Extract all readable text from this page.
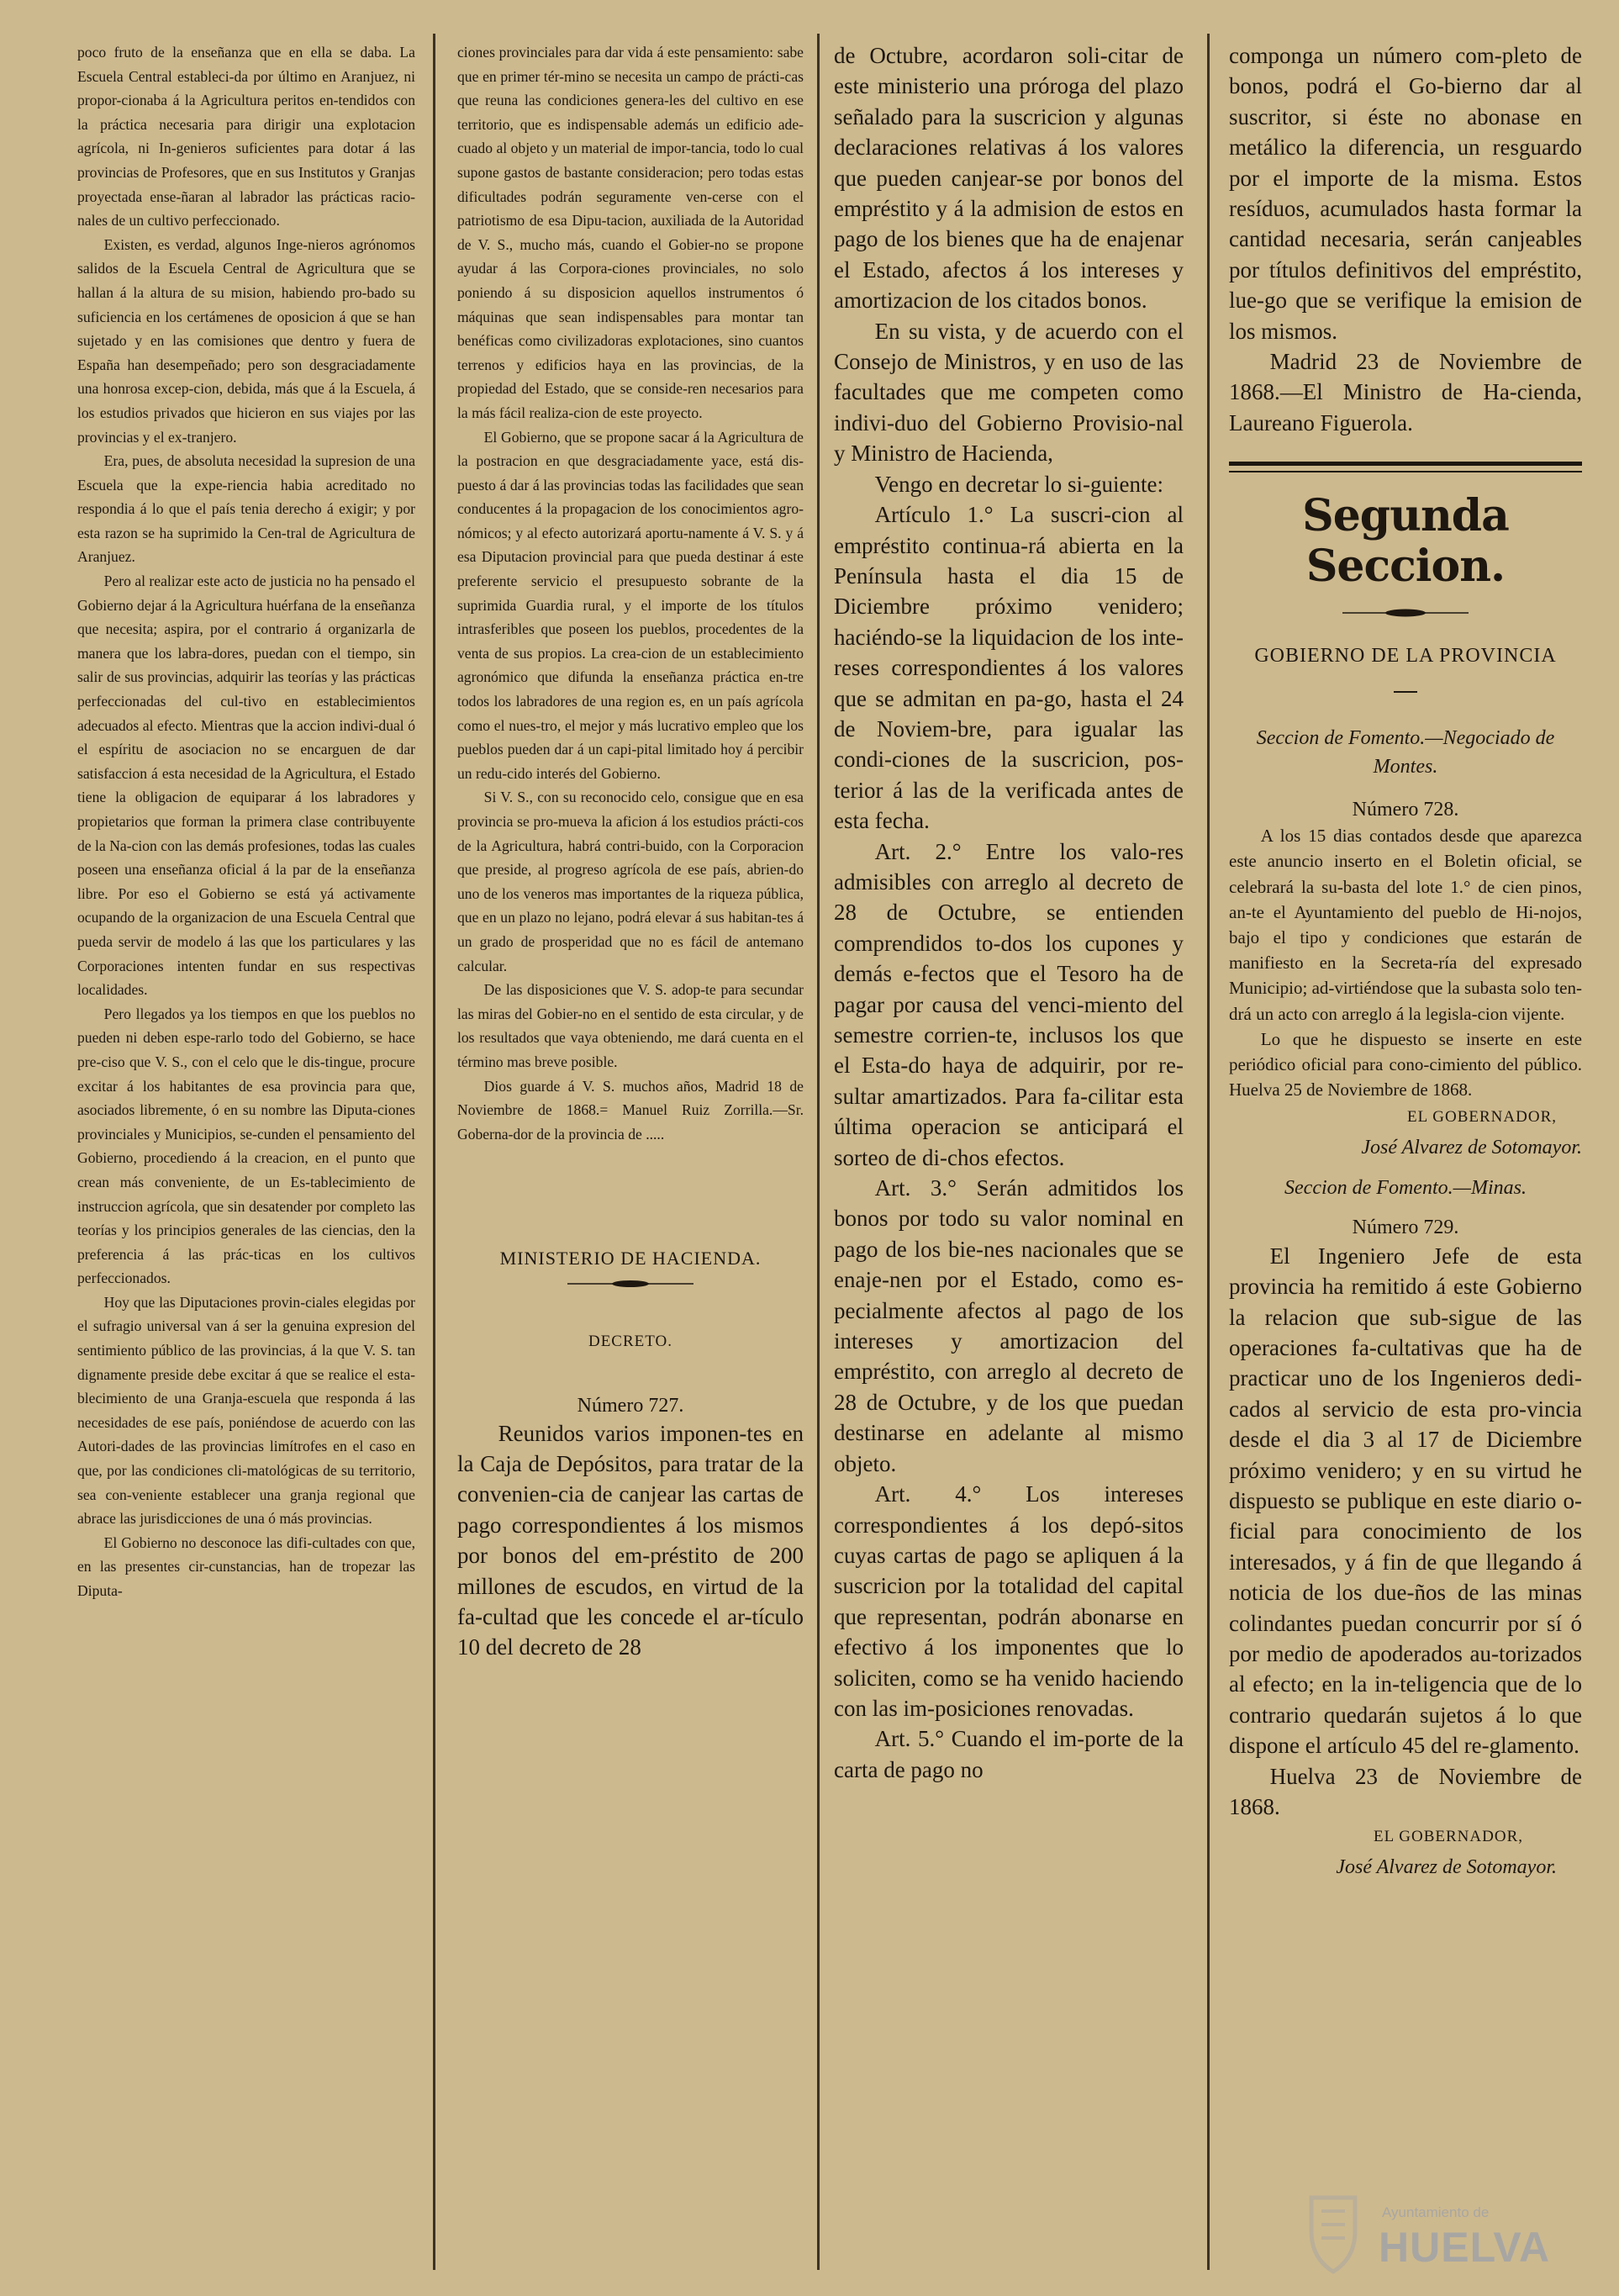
poco fruto de la enseñanza que en ella se daba. La Escuela Central estableci-da por último en Aranjuez, ni propor-cionaba á la Agricultura peritos en-tendidos con la práctica necesaria para dirigir una explotacion agrícola, ni In-genieros suficientes para dotar á las provincias de Profesores, que en sus Institutos y Granjas proyectada ense-ñaran al labrador las prácticas racio-nales de un cultivo perfeccionado.

Existen, es verdad, algunos Inge-nieros agrónomos salidos de la Escuela Central de Agricultura que se hallan á la altura de su mision, habiendo pro-bado su suficiencia en los certámenes de oposicion á que se han sujetado y en las comisiones que dentro y fuera de España han desempeñado; pero son desgraciadamente una honrosa excep-cion, debida, más que á la Escuela, á los estudios privados que hicieron en sus viajes por las provincias y el ex-tranjero.

Era, pues, de absoluta necesidad la supresion de una Escuela que la expe-riencia habia acreditado no respondia á lo que el país tenia derecho á exigir; y por esta razon se ha suprimido la Cen-tral de Agricultura de Aranjuez.

Pero al realizar este acto de justicia no ha pensado el Gobierno dejar á la Agricultura huérfana de la enseñanza que necesita; aspira, por el contrario á organizarla de manera que los labra-dores, puedan con el tiempo, sin salir de sus provincias, adquirir las teorías y las prácticas perfeccionadas del cul-tivo en establecimientos adecuados al efecto. Mientras que la accion indivi-dual ó el espíritu de asociacion no se encarguen de dar satisfaccion á esta necesidad de la Agricultura, el Estado tiene la obligacion de equiparar á los labradores y propietarios que forman la primera clase contribuyente de la Na-cion con las demás profesiones, todas las cuales poseen una enseñanza oficial á la par de la enseñanza libre. Por eso el Gobierno se está yá activamente ocupando de la organizacion de una Escuela Central que pueda servir de modelo á las que los particulares y las Corporaciones intenten fundar en sus respectivas localidades.

Pero llegados ya los tiempos en que los pueblos no pueden ni deben espe-rarlo todo del Gobierno, se hace pre-ciso que V. S., con el celo que le dis-tingue, procure excitar á los habitantes de esa provincia para que, asociados libremente, ó en su nombre las Diputa-ciones provinciales y Municipios, se-cunden el pensamiento del Gobierno, procediendo á la creacion, en el punto que crean más conveniente, de un Es-tablecimiento de instruccion agrícola, que sin desatender por completo las teorías y los principios generales de las ciencias, den la preferencia á las prác-ticas en los cultivos perfeccionados.

Hoy que las Diputaciones provin-ciales elegidas por el sufragio universal van á ser la genuina expresion del sentimiento público de las provincias, á la que V. S. tan dignamente preside debe excitar á que se realice el esta-blecimiento de una Granja-escuela que responda á las necesidades de ese país, poniéndose de acuerdo con las Autori-dades de las provincias limítrofes en el caso en que, por las condiciones cli-matológicas de su territorio, sea con-veniente establecer una granja regional que abrace las jurisdicciones de una ó más provincias.

El Gobierno no desconoce las difi-cultades con que, en las presentes cir-cunstancias, han de tropezar las Diputa-

ciones provinciales para dar vida á este pensamiento: sabe que en primer tér-mino se necesita un campo de prácti-cas que reuna las condiciones genera-les del cultivo en ese territorio, que es indispensable además un edificio ade-cuado al objeto y un material de impor-tancia, todo lo cual supone gastos de bastante consideracion; pero todas estas dificultades podrán seguramente ven-cerse con el patriotismo de esa Dipu-tacion, auxiliada de la Autoridad de V. S., mucho más, cuando el Gobier-no se propone ayudar á las Corpora-ciones provinciales, no solo poniendo á su disposicion aquellos instrumentos ó máquinas que sean indispensables para montar tan benéficas como civilizadoras explotaciones, sino cuantos terrenos y edificios haya en las provincias, de la propiedad del Estado, que se conside-ren necesarios para la más fácil realiza-cion de este proyecto.

El Gobierno, que se propone sacar á la Agricultura de la postracion en que desgraciadamente yace, está dis-puesto á dar á las provincias todas las facilidades que sean conducentes á la propagacion de los conocimientos agro-nómicos; y al efecto autorizará aportu-namente á V. S. y á esa Diputacion provincial para que pueda destinar á este preferente servicio el presupuesto sobrante de la suprimida Guardia rural, y el importe de los títulos intrasferibles que poseen los pueblos, procedentes de la venta de sus propios. La crea-cion de un establecimiento agronómico que difunda la enseñanza práctica en-tre todos los labradores de una region es, en un país agrícola como el nues-tro, el mejor y más lucrativo empleo que los pueblos pueden dar á un capi-pital limitado hoy á percibir un redu-cido interés del Gobierno.

Si V. S., con su reconocido celo, consigue que en esa provincia se pro-mueva la aficion á los estudios prácti-cos de la Agricultura, habrá contri-buido, con la Corporacion que preside, al progreso agrícola de ese país, abrien-do uno de los veneros mas importantes de la riqueza pública, que en un plazo no lejano, podrá elevar á sus habitan-tes á un grado de prosperidad que no es fácil de antemano calcular.

De las disposiciones que V. S. adop-te para secundar las miras del Gobier-no en el sentido de esta circular, y de los resultados que vaya obteniendo, me dará cuenta en el término mas breve posible.

Dios guarde á V. S. muchos años, Madrid 18 de Noviembre de 1868.= Manuel Ruiz Zorrilla.—Sr. Goberna-dor de la provincia de .....

MINISTERIO DE HACIENDA.

DECRETO.

Número 727.

Reunidos varios imponen-tes en la Caja de Depósitos, para tratar de la convenien-cia de canjear las cartas de pago correspondientes á los mismos por bonos del em-préstito de 200 millones de escudos, en virtud de la fa-cultad que les concede el ar-tículo 10 del decreto de 28

de Octubre, acordaron soli-citar de este ministerio una próroga del plazo señalado para la suscricion y algunas declaraciones relativas á los valores que pueden canjear-se por bonos del empréstito y á la admision de estos en pago de los bienes que ha de enajenar el Estado, afectos á los intereses y amortizacion de los citados bonos.

En su vista, y de acuerdo con el Consejo de Ministros, y en uso de las facultades que me competen como indivi-duo del Gobierno Provisio-nal y Ministro de Hacienda,

Vengo en decretar lo si-guiente:

Artículo 1.° La suscri-cion al empréstito continua-rá abierta en la Península hasta el dia 15 de Diciembre próximo venidero; haciéndo-se la liquidacion de los inte-reses correspondientes á los valores que se admitan en pa-go, hasta el 24 de Noviem-bre, para igualar las condi-ciones de la suscricion, pos-terior á las de la verificada antes de esta fecha.

Art. 2.° Entre los valo-res admisibles con arreglo al decreto de 28 de Octubre, se entienden comprendidos to-dos los cupones y demás e-fectos que el Tesoro ha de pagar por causa del venci-miento del semestre corrien-te, inclusos los que el Esta-do haya de adquirir, por re-sultar amartizados. Para fa-cilitar esta última operacion se anticipará el sorteo de di-chos efectos.

Art. 3.° Serán admitidos los bonos por todo su valor nominal en pago de los bie-nes nacionales que se enaje-nen por el Estado, como es-pecialmente afectos al pago de los intereses y amortizacion del empréstito, con arreglo al decreto de 28 de Octubre, y de los que puedan destinarse en adelante al mismo objeto.

Art. 4.° Los intereses correspondientes á los depó-sitos cuyas cartas de pago se apliquen á la suscricion por la totalidad del capital que representan, podrán abonarse en efectivo á los imponentes que lo soliciten, como se ha venido haciendo con las im-posiciones renovadas.

Art. 5.° Cuando el im-porte de la carta de pago no

componga un número com-pleto de bonos, podrá el Go-bierno dar al suscritor, si éste no abonase en metálico la diferencia, un resguardo por el importe de la misma. Estos resíduos, acumulados hasta formar la cantidad necesaria, serán canjeables por títulos definitivos del empréstito, lue-go que se verifique la emision de los mismos.

Madrid 23 de Noviembre de 1868.—El Ministro de Ha-cienda, Laureano Figuerola.

Segunda Seccion.

GOBIERNO DE LA PROVINCIA

Seccion de Fomento.—Negociado de Montes.

Número 728.

A los 15 dias contados desde que aparezca este anuncio inserto en el Boletin oficial, se celebrará la su-basta del lote 1.° de cien pinos, an-te el Ayuntamiento del pueblo de Hi-nojos, bajo el tipo y condiciones que estarán de manifiesto en la Secreta-ría del expresado Municipio; ad-virtiéndose que la subasta solo ten-drá un acto con arreglo á la legisla-cion vijente.

Lo que he dispuesto se inserte en este periódico oficial para cono-cimiento del público. Huelva 25 de Noviembre de 1868.

EL GOBERNADOR,

José Alvarez de Sotomayor.

Seccion de Fomento.—Minas.

Número 729.

El Ingeniero Jefe de esta provincia ha remitido á este Gobierno la relacion que sub-sigue de las operaciones fa-cultativas que ha de practicar uno de los Ingenieros dedi-cados al servicio de esta pro-vincia desde el dia 3 al 17 de Diciembre próximo venidero; y en su virtud he dispuesto se publique en este diario o-ficial para conocimiento de los interesados, y á fin de que llegando á noticia de los due-ños de las minas colindantes puedan concurrir por sí ó por medio de apoderados au-torizados al efecto; en la in-teligencia que de lo contrario quedarán sujetos á lo que dispone el artículo 45 del re-glamento.

Huelva 23 de Noviembre de 1868.

EL GOBERNADOR,

José Alvarez de Sotomayor.

Ayuntamiento de
HUELVA
